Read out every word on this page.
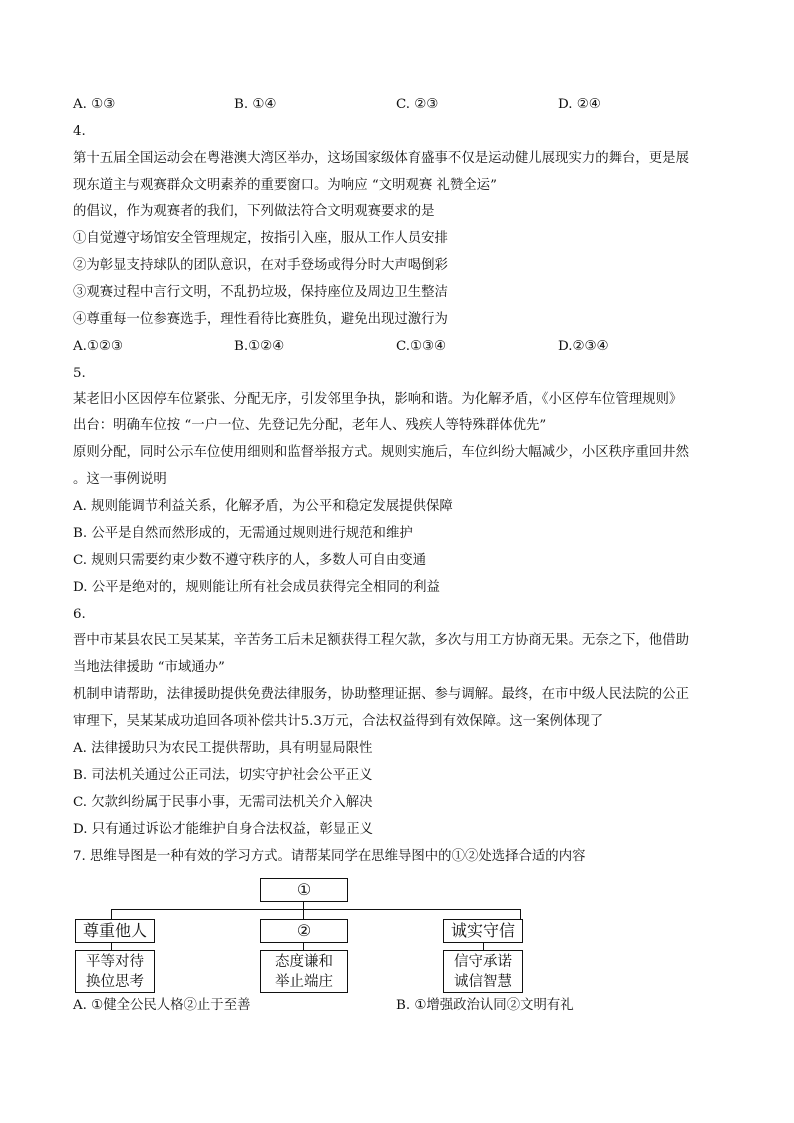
A. ①③	B. ①④	C. ②③	D. ②④
4.
第十五届全国运动会在粤港澳大湾区举办，这场国家级体育盛事不仅是运动健儿展现实力的舞台，更是展
现东道主与观赛群众文明素养的重要窗口。为响应 “文明观赛 礼赞全运”
的倡议，作为观赛者的我们，下列做法符合文明观赛要求的是
①自觉遵守场馆安全管理规定，按指引入座，服从工作人员安排
②为彰显支持球队的团队意识，在对手登场或得分时大声喝倒彩
③观赛过程中言行文明，不乱扔垃圾，保持座位及周边卫生整洁
④尊重每一位参赛选手，理性看待比赛胜负，避免出现过激行为
A.①②③	B.①②④	C.①③④	D.②③④
5.
某老旧小区因停车位紧张、分配无序，引发邻里争执，影响和谐。为化解矛盾，《小区停车位管理规则》
出台：明确车位按 “一户一位、先登记先分配，老年人、残疾人等特殊群体优先”
原则分配，同时公示车位使用细则和监督举报方式。规则实施后，车位纠纷大幅减少，小区秩序重回井然
。这一事例说明
A. 规则能调节利益关系，化解矛盾，为公平和稳定发展提供保障
B. 公平是自然而然形成的，无需通过规则进行规范和维护
C. 规则只需要约束少数不遵守秩序的人，多数人可自由变通
D. 公平是绝对的，规则能让所有社会成员获得完全相同的利益
6.
晋中市某县农民工吴某某，辛苦务工后未足额获得工程欠款，多次与用工方协商无果。无奈之下，他借助
当地法律援助 “市域通办”
机制申请帮助，法律援助提供免费法律服务，协助整理证据、参与调解。最终，在市中级人民法院的公正
审理下，吴某某成功追回各项补偿共计5.3万元，合法权益得到有效保障。这一案例体现了
A. 法律援助只为农民工提供帮助，具有明显局限性
B. 司法机关通过公正司法，切实守护社会公平正义
C. 欠款纠纷属于民事小事，无需司法机关介入解决
D. 只有通过诉讼才能维护自身合法权益，彰显正义
7. 思维导图是一种有效的学习方式。请帮某同学在思维导图中的①②处选择合适的内容
①
尊重他人
平等对待
换位思考
②
态度谦和
举止端庄
诚实守信
信守承诺
诚信智慧
A. ①健全公民人格②止于至善	B. ①增强政治认同②文明有礼
